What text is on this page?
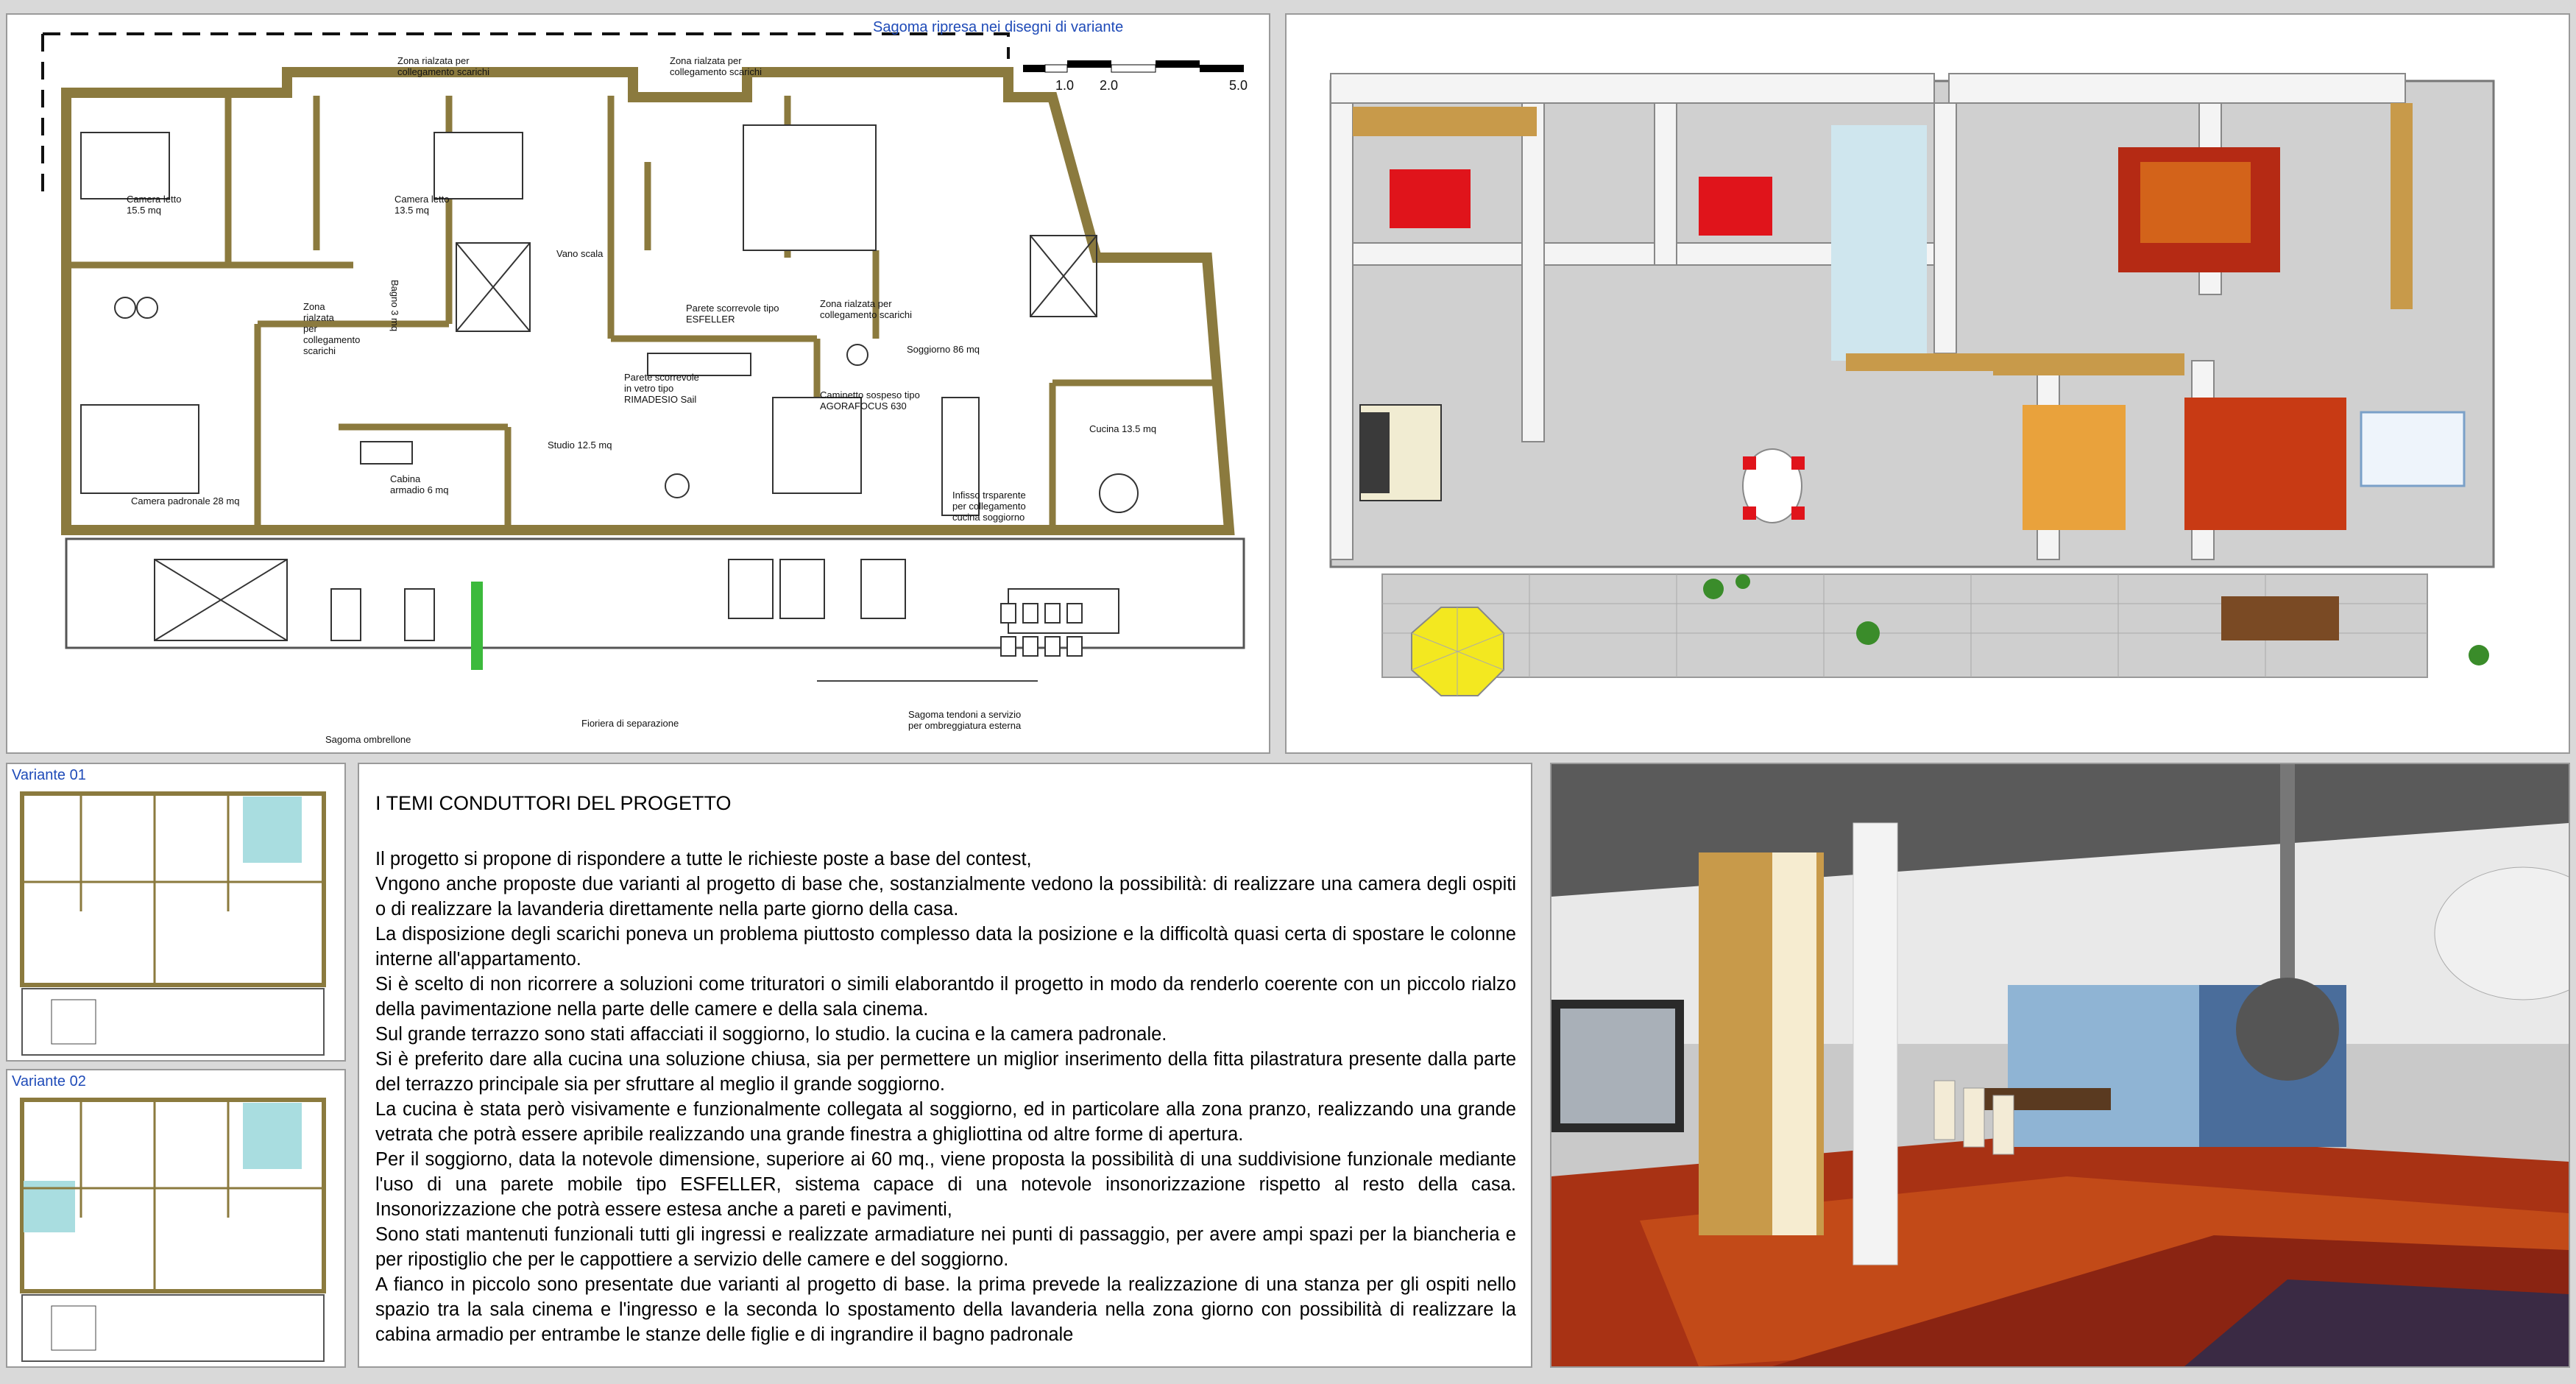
Sagoma ripresa nei disegni di variante
1.0 2.0	5.0
Zona rialzata per
collegamento scarichi
Zona rialzata per
collegamento scarichi
Camera letto
15.5 mq
Camera letto
13.5 mq
Vano scala
Bagno 3 mq
Zona
rialzata
per
collegamento
scarichi
Parete scorrevole tipo
ESFELLER
Zona rialzata per
collegamento scarichi
Soggiorno 86 mq
Parete scorrevole
in vetro tipo
RIMADESIO Sail	Caminetto sospeso tipo
AGORAFOCUS 630
Studio 12.5 mq
Cucina 13.5 mq
Camera padronale 28 mq
Cabina
armadio 6 mq	Infisso trsparente
per collegamento
cucina soggiorno
Sagoma ombrellone
Fioriera di separazione
Sagoma tendoni a servizio
per ombreggiatura esterna
Variante 01
Variante 02
I TEMI CONDUTTORI DEL PROGETTO
Il progetto si propone di rispondere a tutte le richieste poste a base del contest,
Vngono anche proposte due varianti al progetto di base che, sostanzialmente vedono la possibilità: di realizzare una camera degli ospiti o di realizzare la lavanderia direttamente nella parte giorno della casa.
La disposizione degli scarichi poneva un problema piuttosto complesso data la posizione e la difficoltà quasi certa di spostare le colonne interne all'appartamento.
Si è scelto di non ricorrere a soluzioni come trituratori o simili elaborantdo il progetto in modo da renderlo coerente con un piccolo rialzo della pavimentazione nella parte delle camere e della sala cinema.
Sul grande terrazzo sono stati affacciati il soggiorno, lo studio. la cucina e la camera padronale.
Si è preferito dare alla cucina una soluzione chiusa, sia per permettere un miglior inserimento della fitta pilastratura presente dalla parte del terrazzo principale sia per sfruttare al meglio il grande soggiorno.
La cucina è stata però visivamente e funzionalmente collegata al soggiorno, ed in particolare alla zona pranzo, realizzando una grande vetrata che potrà essere apribile realizzando una grande finestra a ghigliottina od altre forme di apertura.
Per il soggiorno, data la notevole dimensione, superiore ai 60 mq., viene proposta la possibilità di una suddivisione funzionale mediante l'uso di una parete mobile tipo ESFELLER, sistema capace di una notevole insonorizzazione rispetto al resto della casa. Insonorizzazione che potrà essere estesa anche a pareti e pavimenti,
Sono stati mantenuti funzionali tutti gli ingressi e realizzate armadiature nei punti di passaggio, per avere ampi spazi per la biancheria e per ripostiglio che per le cappottiere a servizio delle camere e del soggiorno.
A fianco in piccolo sono presentate due varianti al progetto di base. la prima prevede la realizzazione di una stanza per gli ospiti nello spazio tra la sala cinema e l'ingresso e la seconda lo spostamento della lavanderia nella zona giorno con possibilità di realizzare la cabina armadio per entrambe le stanze delle figlie e di ingrandire il bagno padronale
